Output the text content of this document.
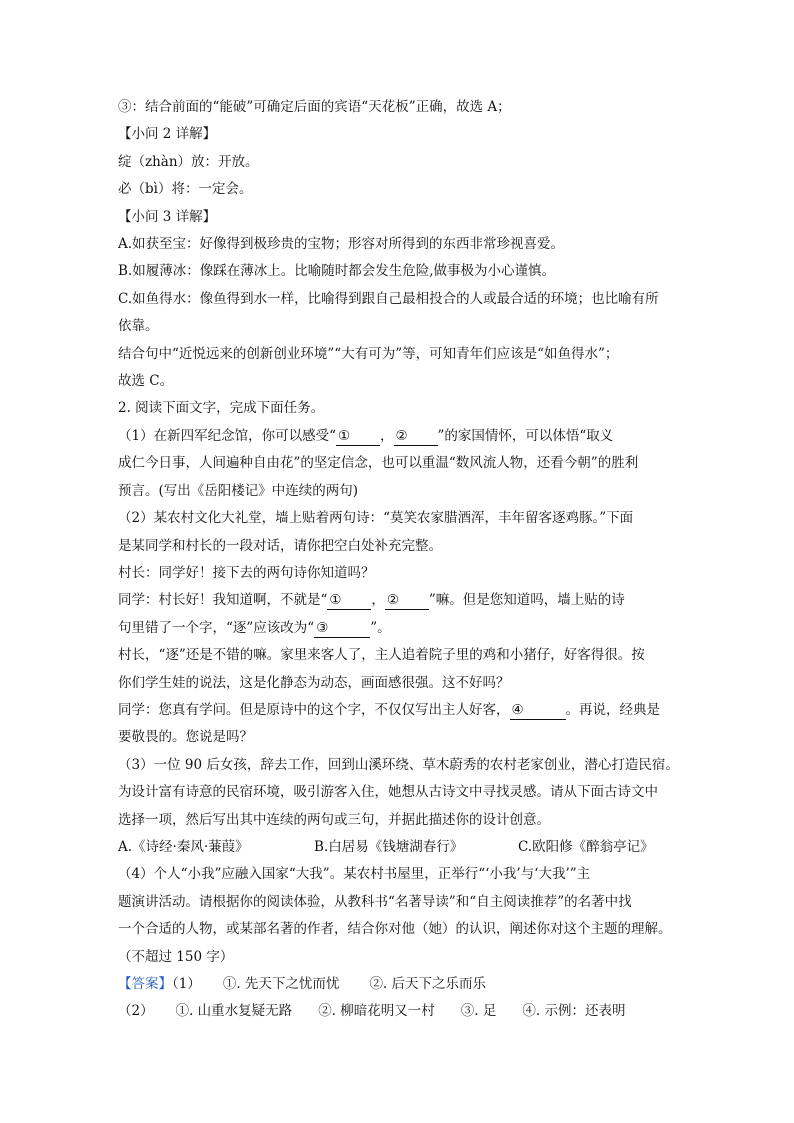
③：结合前面的“能破”可确定后面的宾语“天花板”正确，故选 A；
【小问 2 详解】
绽（zhàn）放：开放。
必（bì）将：一定会。
【小问 3 详解】
A.如获至宝：好像得到极珍贵的宝物；形容对所得到的东西非常珍视喜爱。
B.如履薄冰：像踩在薄冰上。比喻随时都会发生危险,做事极为小心谨慎。
C.如鱼得水：像鱼得到水一样，比喻得到跟自己最相投合的人或最合适的环境；也比喻有所
依靠。
结合句中“近悦远来的创新创业环境”“大有可为”等，可知青年们应该是“如鱼得水”；
故选 C。
2. 阅读下面文字，完成下面任务。
（1）在新四军纪念馆，你可以感受“ ① ， ② ”的家国情怀，可以体悟“取义
成仁今日事，人间遍种自由花”的坚定信念，也可以重温“数风流人物，还看今朝”的胜利
预言。(写出《岳阳楼记》中连续的两句)
（2）某农村文化大礼堂，墙上贴着两句诗：“莫笑农家腊酒浑，丰年留客逐鸡豚。”下面
是某同学和村长的一段对话，请你把空白处补充完整。
村长：同学好！接下去的两句诗你知道吗？
同学：村长好！我知道啊，不就是“ ① ， ② ”嘛。但是您知道吗，墙上贴的诗
句里错了一个字，“逐”应该改为“ ③	”。
村长，“逐”还是不错的嘛。家里来客人了，主人追着院子里的鸡和小猪仔，好客得很。按
你们学生娃的说法，这是化静态为动态，画面感很强。这不好吗？
同学：您真有学问。但是原诗中的这个字，不仅仅写出主人好客， ④	。再说，经典是
要敬畏的。您说是吗？
（3）一位 90 后女孩，辞去工作，回到山溪环绕、草木蔚秀的农村老家创业，潜心打造民宿。
为设计富有诗意的民宿环境，吸引游客入住，她想从古诗文中寻找灵感。请从下面古诗文中
选择一项，然后写出其中连续的两句或三句，并据此描述你的设计创意。
A.《诗经·秦风·蒹葭》	B.白居易《钱塘湖春行》	C.欧阳修《醉翁亭记》
（4）个人“小我”应融入国家“大我”。某农村书屋里，正举行“‘小我’与‘大我’”主
题演讲活动。请根据你的阅读体验，从教科书“名著导读”和“自主阅读推荐”的名著中找
一个合适的人物，或某部名著的作者，结合你对他（她）的认识，阐述你对这个主题的理解。
（不超过 150 字）
【答案】（1） ①. 先天下之忧而忧 ②. 后天下之乐而乐
（2） ①. 山重水复疑无路 ②. 柳暗花明又一村 ③. 足 ④. 示例：还表明
